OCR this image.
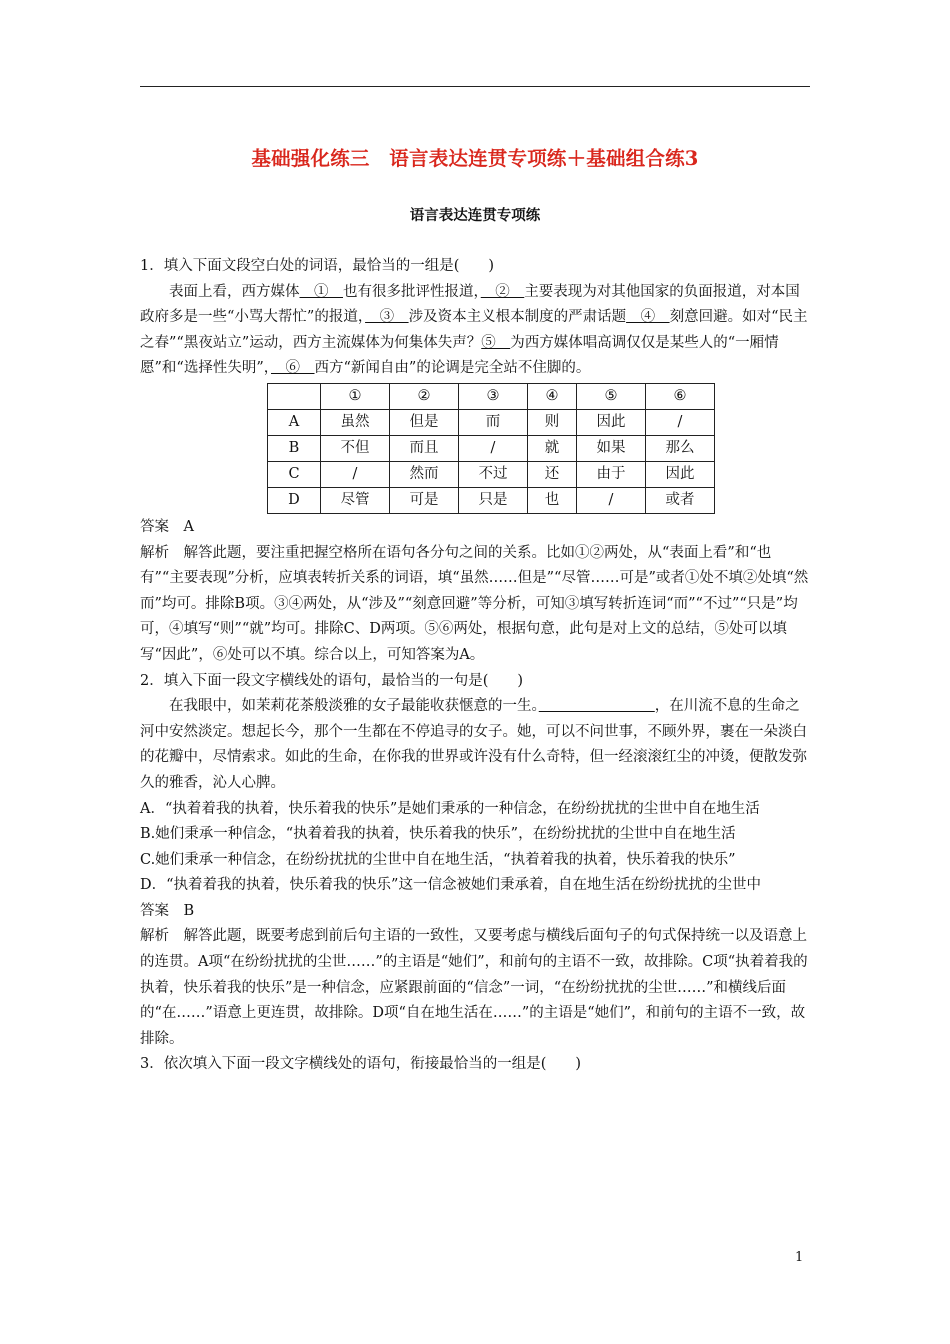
基础强化练三　语言表达连贯专项练＋基础组合练3
语言表达连贯专项练

1．填入下面文段空白处的词语，最恰当的一组是(　　)

表面上看，西方媒体　①　也有很多批评性报道，　②　主要表现为对其他国家的负面报道，对本国政府多是一些“小骂大帮忙”的报道，　③　涉及资本主义根本制度的严肃话题　④　刻意回避。如对“民主之春”“黑夜站立”运动，西方主流媒体为何集体失声？⑤　为西方媒体唱高调仅仅是某些人的“一厢情愿”和“选择性失明”，　⑥　西方“新闻自由”的论调是完全站不住脚的。

	①	②	③	④	⑤	⑥
A	虽然	但是	而	则	因此	/
B	不但	而且	/	就	如果	那么
C	/	然而	不过	还	由于	因此
D	尽管	可是	只是	也	/	或者

答案　A

解析　解答此题，要注重把握空格所在语句各分句之间的关系。比如①②两处，从“表面上看”和“也有”“主要表现”分析，应填表转折关系的词语，填“虽然……但是”“尽管……可是”或者①处不填②处填“然而”均可。排除B项。③④两处，从“涉及”“刻意回避”等分析，可知③填写转折连词“而”“不过”“只是”均可，④填写“则”“就”均可。排除C、D两项。⑤⑥两处，根据句意，此句是对上文的总结，⑤处可以填写“因此”，⑥处可以不填。综合以上，可知答案为A。

2．填入下面一段文字横线处的语句，最恰当的一句是(　　)

在我眼中，如茉莉花茶般淡雅的女子最能收获惬意的一生。　　　　　　　　	，在川流不息的生命之河中安然淡定。想起长今，那个一生都在不停追寻的女子。她，可以不问世事，不顾外界，裹在一朵淡白的花瓣中，尽情索求。如此的生命，在你我的世界或许没有什么奇特，但一经滚滚红尘的冲烫，便散发弥久的雅香，沁人心脾。

A．“执着着我的执着，快乐着我的快乐”是她们秉承的一种信念，在纷纷扰扰的尘世中自在地生活

B.她们秉承一种信念，“执着着我的执着，快乐着我的快乐”，在纷纷扰扰的尘世中自在地生活

C.她们秉承一种信念，在纷纷扰扰的尘世中自在地生活，“执着着我的执着，快乐着我的快乐”

D．“执着着我的执着，快乐着我的快乐”这一信念被她们秉承着，自在地生活在纷纷扰扰的尘世中

答案　B

解析　解答此题，既要考虑到前后句主语的一致性，又要考虑与横线后面句子的句式保持统一以及语意上的连贯。A项“在纷纷扰扰的尘世……”的主语是“她们”，和前句的主语不一致，故排除。C项“执着着我的执着，快乐着我的快乐”是一种信念，应紧跟前面的“信念”一词，“在纷纷扰扰的尘世……”和横线后面的“在……”语意上更连贯，故排除。D项“自在地生活在……”的主语是“她们”，和前句的主语不一致，故排除。

3．依次填入下面一段文字横线处的语句，衔接最恰当的一组是(　　)

1
